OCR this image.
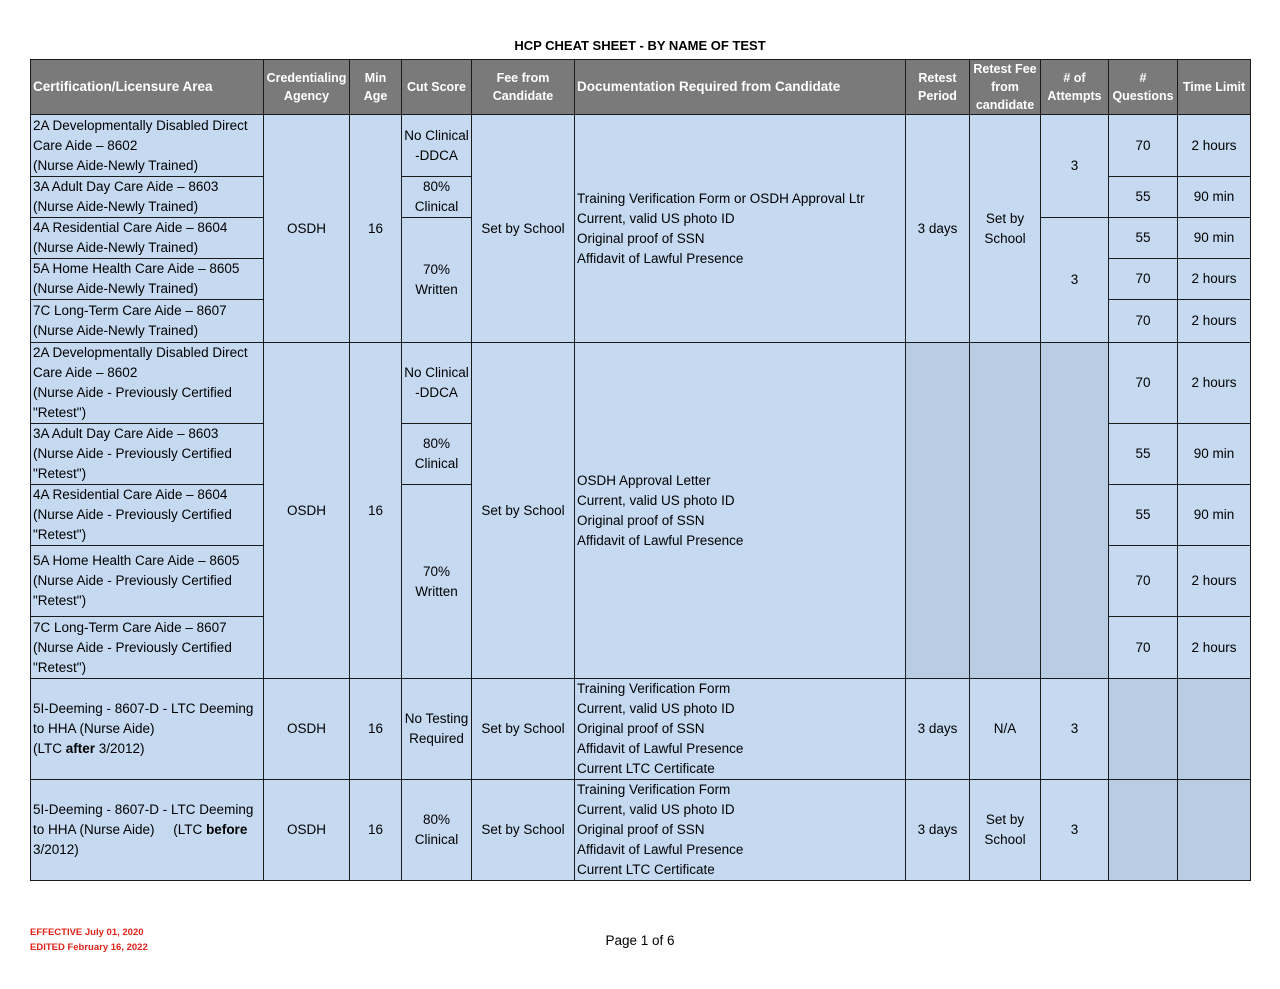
HCP CHEAT SHEET - BY NAME OF TEST
Certification/Licensure Area	Credentialing Agency	Min Age	Cut Score	Fee from Candidate	Documentation Required from Candidate	Retest Period	Retest Fee from candidate	# of Attempts	# Questions	Time Limit

2A Developmentally Disabled Direct
Care Aide – 8602
(Nurse Aide-Newly Trained)	OSDH	16	No Clinical -DDCA	Set by School	Training Verification Form or OSDH Approval Ltr
Current, valid US photo ID
Original proof of SSN
Affidavit of Lawful Presence	3 days	Set by School	3	70	2 hours

3A Adult Day Care Aide – 8603
(Nurse Aide-Newly Trained)			80% Clinical						55	90 min

4A Residential Care Aide – 8604
(Nurse Aide-Newly Trained)			70% Written					3	55	90 min

5A Home Health Care Aide – 8605
(Nurse Aide-Newly Trained)									70	2 hours

7C Long-Term Care Aide – 8607
(Nurse Aide-Newly Trained)									70	2 hours

2A Developmentally Disabled Direct
Care Aide – 8602
(Nurse Aide - Previously Certified
"Retest")	OSDH	16	No Clinical -DDCA	Set by School	OSDH Approval Letter
Current, valid US photo ID
Original proof of SSN
Affidavit of Lawful Presence				70	2 hours

3A Adult Day Care Aide – 8603
(Nurse Aide - Previously Certified
"Retest")			80% Clinical						55	90 min

4A Residential Care Aide – 8604
(Nurse Aide - Previously Certified
"Retest")			70% Written						55	90 min

5A Home Health Care Aide – 8605
(Nurse Aide - Previously Certified
"Retest")									70	2 hours

7C Long-Term Care Aide – 8607
(Nurse Aide - Previously Certified
"Retest")									70	2 hours

5I-Deeming - 8607-D - LTC Deeming
to HHA (Nurse Aide)
(LTC after 3/2012)	OSDH	16	No Testing Required	Set by School	Training Verification Form
Current, valid US photo ID
Original proof of SSN
Affidavit of Lawful Presence
Current LTC Certificate	3 days	N/A	3		

5I-Deeming - 8607-D - LTC Deeming
to HHA (Nurse Aide)     (LTC before 3/2012)	OSDH	16	80% Clinical	Set by School	Training Verification Form
Current, valid US photo ID
Original proof of SSN
Affidavit of Lawful Presence
Current LTC Certificate	3 days	Set by School	3		
EFFECTIVE July 01, 2020
EDITED February 16, 2022	Page 1 of 6
